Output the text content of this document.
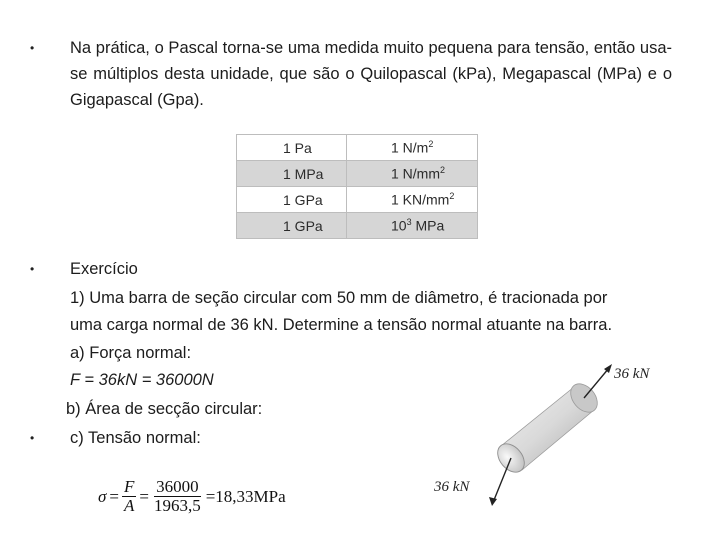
• Na prática, o Pascal torna-se uma medida muito pequena para tensão, então usa-se múltiplos desta unidade, que são o Quilopascal (kPa), Megapascal (MPa) e o Gigapascal (Gpa).
1 Pa	1 $N/m^2$
1 MPa	1 $N/mm^2$
1 GPa	1 $KN/mm^2$
1 GPa	$10^3$ MPa
• Exercício
1) Uma barra de seção circular com 50 mm de diâmetro, é tracionada por
uma carga normal de 36 kN. Determine a tensão normal atuante na barra.
a) Força normal:
F = 36kN = 36000N
b) Área de secção circular:
• c) Tensão normal:
$\sigma = \frac{F}{A} = \frac{36000}{1963,5} =18,33MPa$
36 kN
36 kN
